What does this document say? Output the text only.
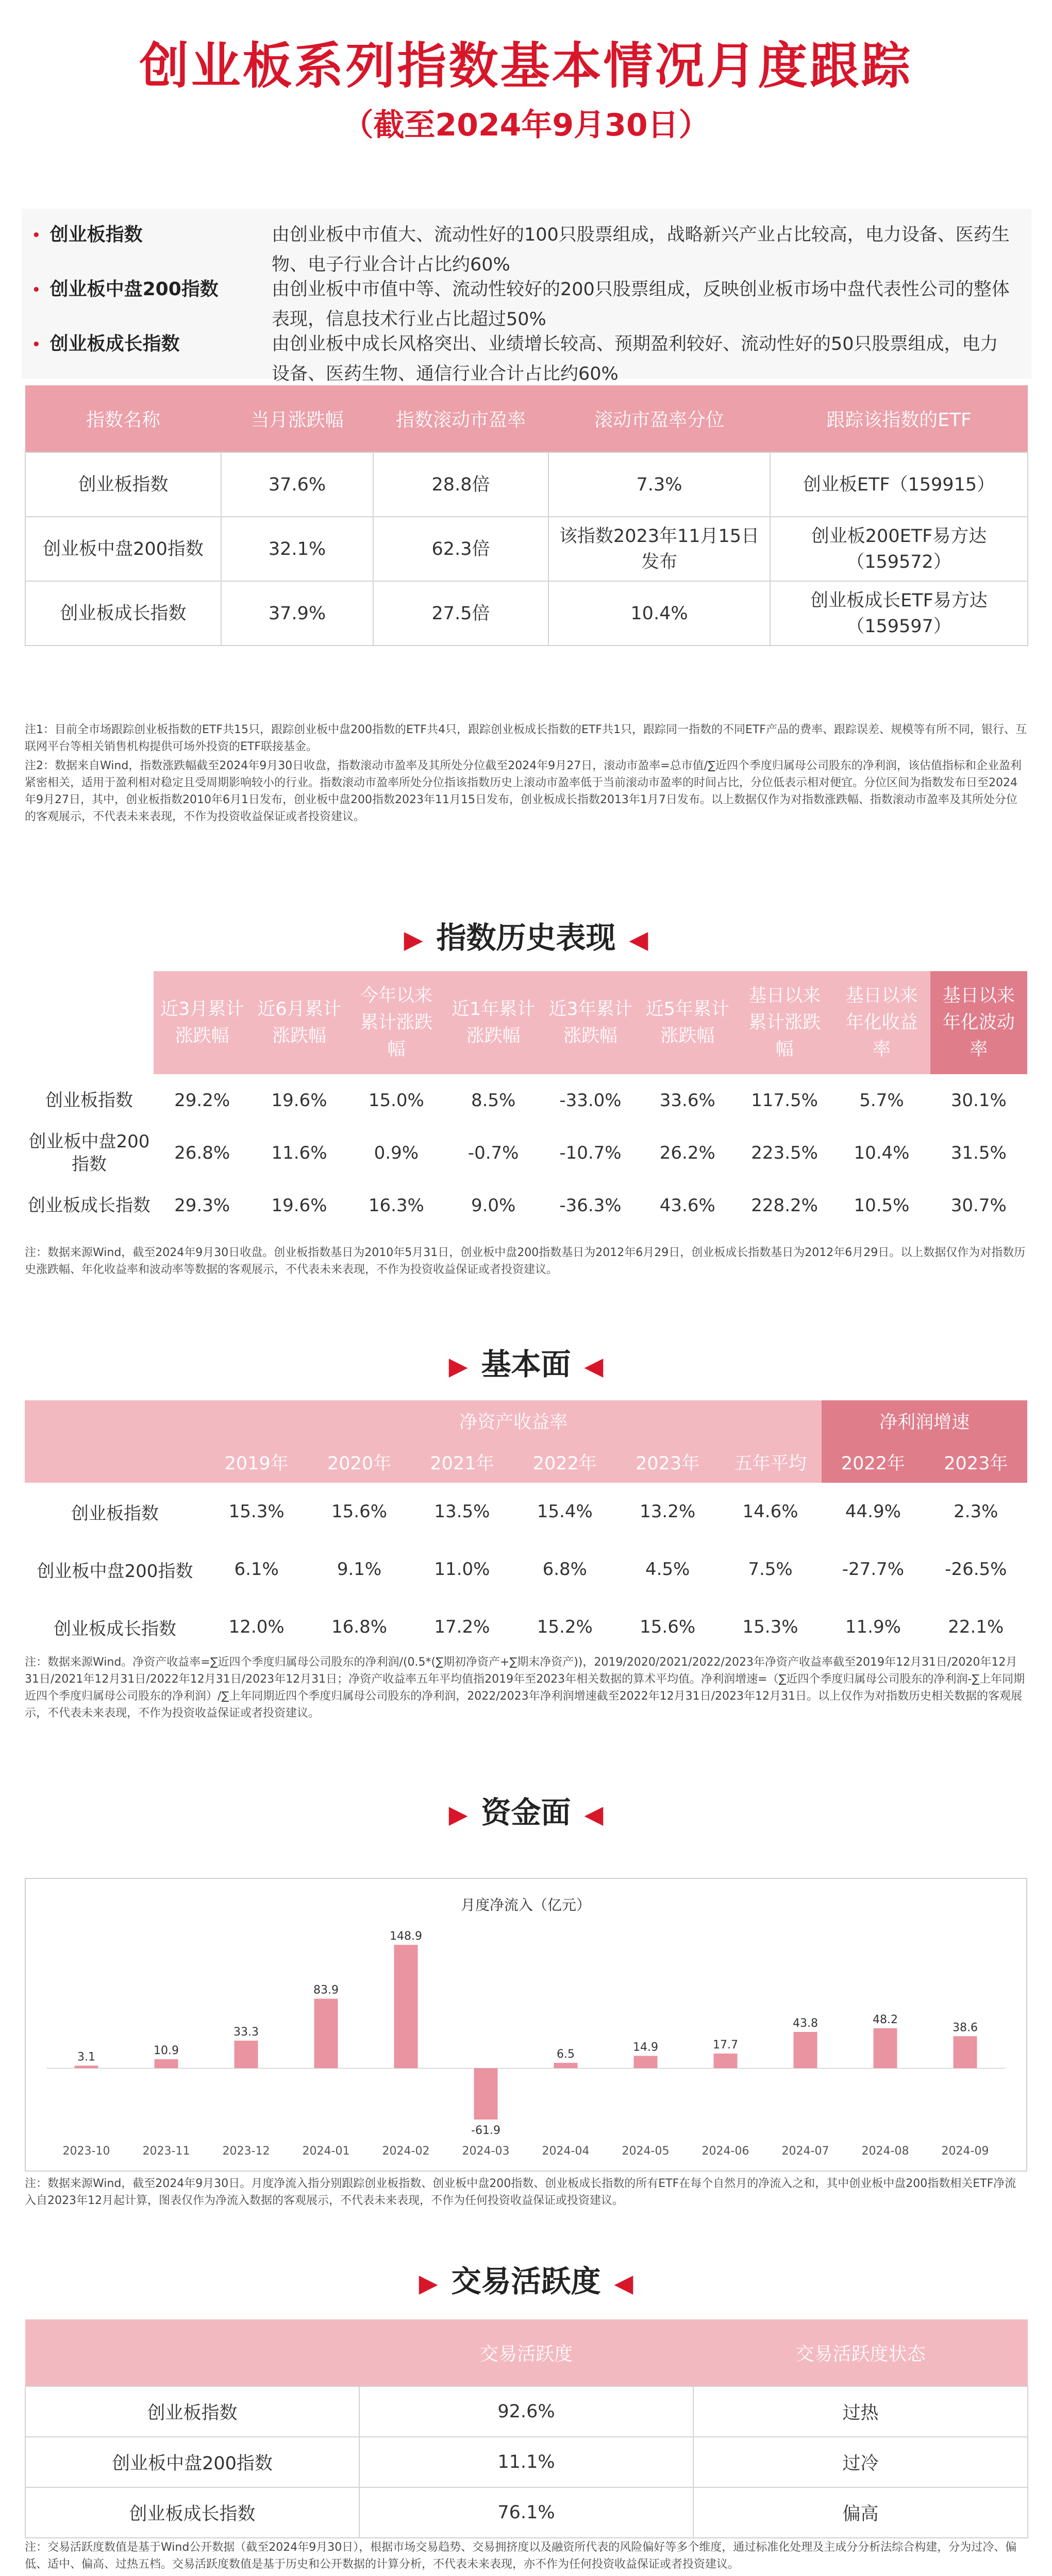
创业板系列指数基本情况月度跟踪
（截至2024年9月30日）
• 创业板指数	由创业板中市值大、流动性好的100只股票组成，战略新兴产业占比较高，电力设备、医药生物、电子行业合计占比约60%
• 创业板中盘200指数	由创业板中市值中等、流动性较好的200只股票组成，反映创业板市场中盘代表性公司的整体表现，信息技术行业占比超过50%
• 创业板成长指数	由创业板中成长风格突出、业绩增长较高、预期盈利较好、流动性好的50只股票组成，电力设备、医药生物、通信行业合计占比约60%
指数名称	当月涨跌幅	指数滚动市盈率	滚动市盈率分位	跟踪该指数的ETF
创业板指数	37.6%	28.8倍	7.3%	创业板ETF（159915）
创业板中盘200指数	32.1%	62.3倍	该指数2023年11月15日发布	创业板200ETF易方达（159572）
创业板成长指数	37.9%	27.5倍	10.4%	创业板成长ETF易方达（159597）
注1：目前全市场跟踪创业板指数的ETF共15只，跟踪创业板中盘200指数的ETF共4只，跟踪创业板成长指数的ETF共1只，跟踪同一指数的不同ETF产品的费率、跟踪误差、规模等有所不同，银行、互联网平台等相关销售机构提供可场外投资的ETF联接基金。
注2：数据来自Wind，指数涨跌幅截至2024年9月30日收盘，指数滚动市盈率及其所处分位截至2024年9月27日，滚动市盈率=总市值/∑近四个季度归属母公司股东的净利润，该估值指标和企业盈利紧密相关，适用于盈利相对稳定且受周期影响较小的行业。指数滚动市盈率所处分位指该指数历史上滚动市盈率低于当前滚动市盈率的时间占比，分位低表示相对便宜。分位区间为指数发布日至2024年9月27日，其中，创业板指数2010年6月1日发布，创业板中盘200指数2023年11月15日发布，创业板成长指数2013年1月7日发布。以上数据仅作为对指数涨跌幅、指数滚动市盈率及其所处分位的客观展示，不代表未来表现，不作为投资收益保证或者投资建议。
▶ 指数历史表现 ◀
	近3月累计涨跌幅	近6月累计涨跌幅	今年以来累计涨跌幅	近1年累计涨跌幅	近3年累计涨跌幅	近5年累计涨跌幅	基日以来累计涨跌幅	基日以来年化收益率	基日以来年化波动率
创业板指数	29.2%	19.6%	15.0%	8.5%	-33.0%	33.6%	117.5%	5.7%	30.1%
创业板中盘200指数	26.8%	11.6%	0.9%	-0.7%	-10.7%	26.2%	223.5%	10.4%	31.5%
创业板成长指数	29.3%	19.6%	16.3%	9.0%	-36.3%	43.6%	228.2%	10.5%	30.7%
注：数据来源Wind，截至2024年9月30日收盘。创业板指数基日为2010年5月31日，创业板中盘200指数基日为2012年6月29日，创业板成长指数基日为2012年6月29日。以上数据仅作为对指数历史涨跌幅、年化收益率和波动率等数据的客观展示，不代表未来表现，不作为投资收益保证或者投资建议。
▶ 基本面 ◀
	净资产收益率						净利润增速	
	2019年	2020年	2021年	2022年	2023年	五年平均	2022年	2023年
创业板指数	15.3%	15.6%	13.5%	15.4%	13.2%	14.6%	44.9%	2.3%
创业板中盘200指数	6.1%	9.1%	11.0%	6.8%	4.5%	7.5%	-27.7%	-26.5%
创业板成长指数	12.0%	16.8%	17.2%	15.2%	15.6%	15.3%	11.9%	22.1%
注：数据来源Wind。净资产收益率=∑近四个季度归属母公司股东的净利润/(0.5*(∑期初净资产+∑期末净资产))，2019/2020/2021/2022/2023年净资产收益率截至2019年12月31日/2020年12月31日/2021年12月31日/2022年12月31日/2023年12月31日；净资产收益率五年平均值指2019年至2023年相关数据的算术平均值。净利润增速=（∑近四个季度归属母公司股东的净利润-∑上年同期近四个季度归属母公司股东的净利润）/∑上年同期近四个季度归属母公司股东的净利润，2022/2023年净利润增速截至2022年12月31日/2023年12月31日。以上仅作为对指数历史相关数据的客观展示，不代表未来表现，不作为投资收益保证或者投资建议。
▶ 资金面 ◀
月度净流入（亿元）
3.1
2023-10
10.9
2023-11
33.3
2023-12
83.9
2024-01
148.9
2024-02
-61.9
2024-03
6.5
2024-04
14.9
2024-05
17.7
2024-06
43.8
2024-07
48.2
2024-08
38.6
2024-09
注：数据来源Wind，截至2024年9月30日。月度净流入指分别跟踪创业板指数、创业板中盘200指数、创业板成长指数的所有ETF在每个自然月的净流入之和，其中创业板中盘200指数相关ETF净流入自2023年12月起计算，图表仅作为净流入数据的客观展示，不代表未来表现，不作为任何投资收益保证或投资建议。
▶ 交易活跃度 ◀
	交易活跃度	交易活跃度状态
创业板指数	92.6%	过热
创业板中盘200指数	11.1%	过冷
创业板成长指数	76.1%	偏高
注：交易活跃度数值是基于Wind公开数据（截至2024年9月30日），根据市场交易趋势、交易拥挤度以及融资所代表的风险偏好等多个维度，通过标准化处理及主成分分析法综合构建，分为过冷、偏低、适中、偏高、过热五档。交易活跃度数值是基于历史和公开数据的计算分析，不代表未来表现，亦不作为任何投资收益保证或者投资建议。
